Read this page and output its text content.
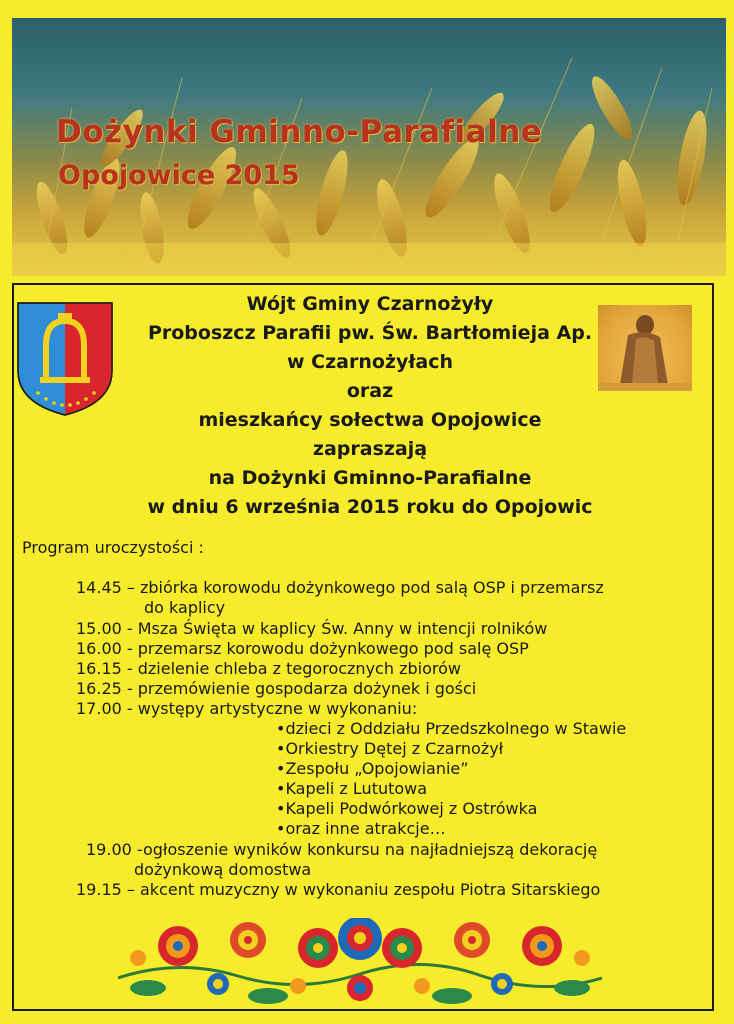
Dożynki Gminno-Parafialne
Opojowice 2015
Wójt Gminy Czarnożyły
Proboszcz Parafii pw. Św. Bartłomieja Ap.
w Czarnożyłach
oraz
mieszkańcy sołectwa Opojowice
zapraszają
na Dożynki Gminno-Parafialne
w dniu 6 września 2015 roku do Opojowic
Program uroczystości :
14.45 – zbiórka korowodu dożynkowego pod salą OSP i przemarsz
do kaplicy
15.00 - Msza Święta w kaplicy Św. Anny w intencji rolników
16.00 - przemarsz korowodu dożynkowego pod salę OSP
16.15 - dzielenie chleba z tegorocznych zbiorów
16.25 - przemówienie gospodarza dożynek i gości
17.00 - występy artystyczne w wykonaniu:
•dzieci z Oddziału Przedszkolnego w Stawie
•Orkiestry Dętej z Czarnożył
•Zespołu „Opojowianie”
•Kapeli z Lututowa
•Kapeli Podwórkowej z Ostrówka
•oraz inne atrakcje…
19.00 -ogłoszenie wyników konkursu na najładniejszą dekorację
dożynkową domostwa
19.15 – akcent muzyczny w wykonaniu zespołu Piotra Sitarskiego
